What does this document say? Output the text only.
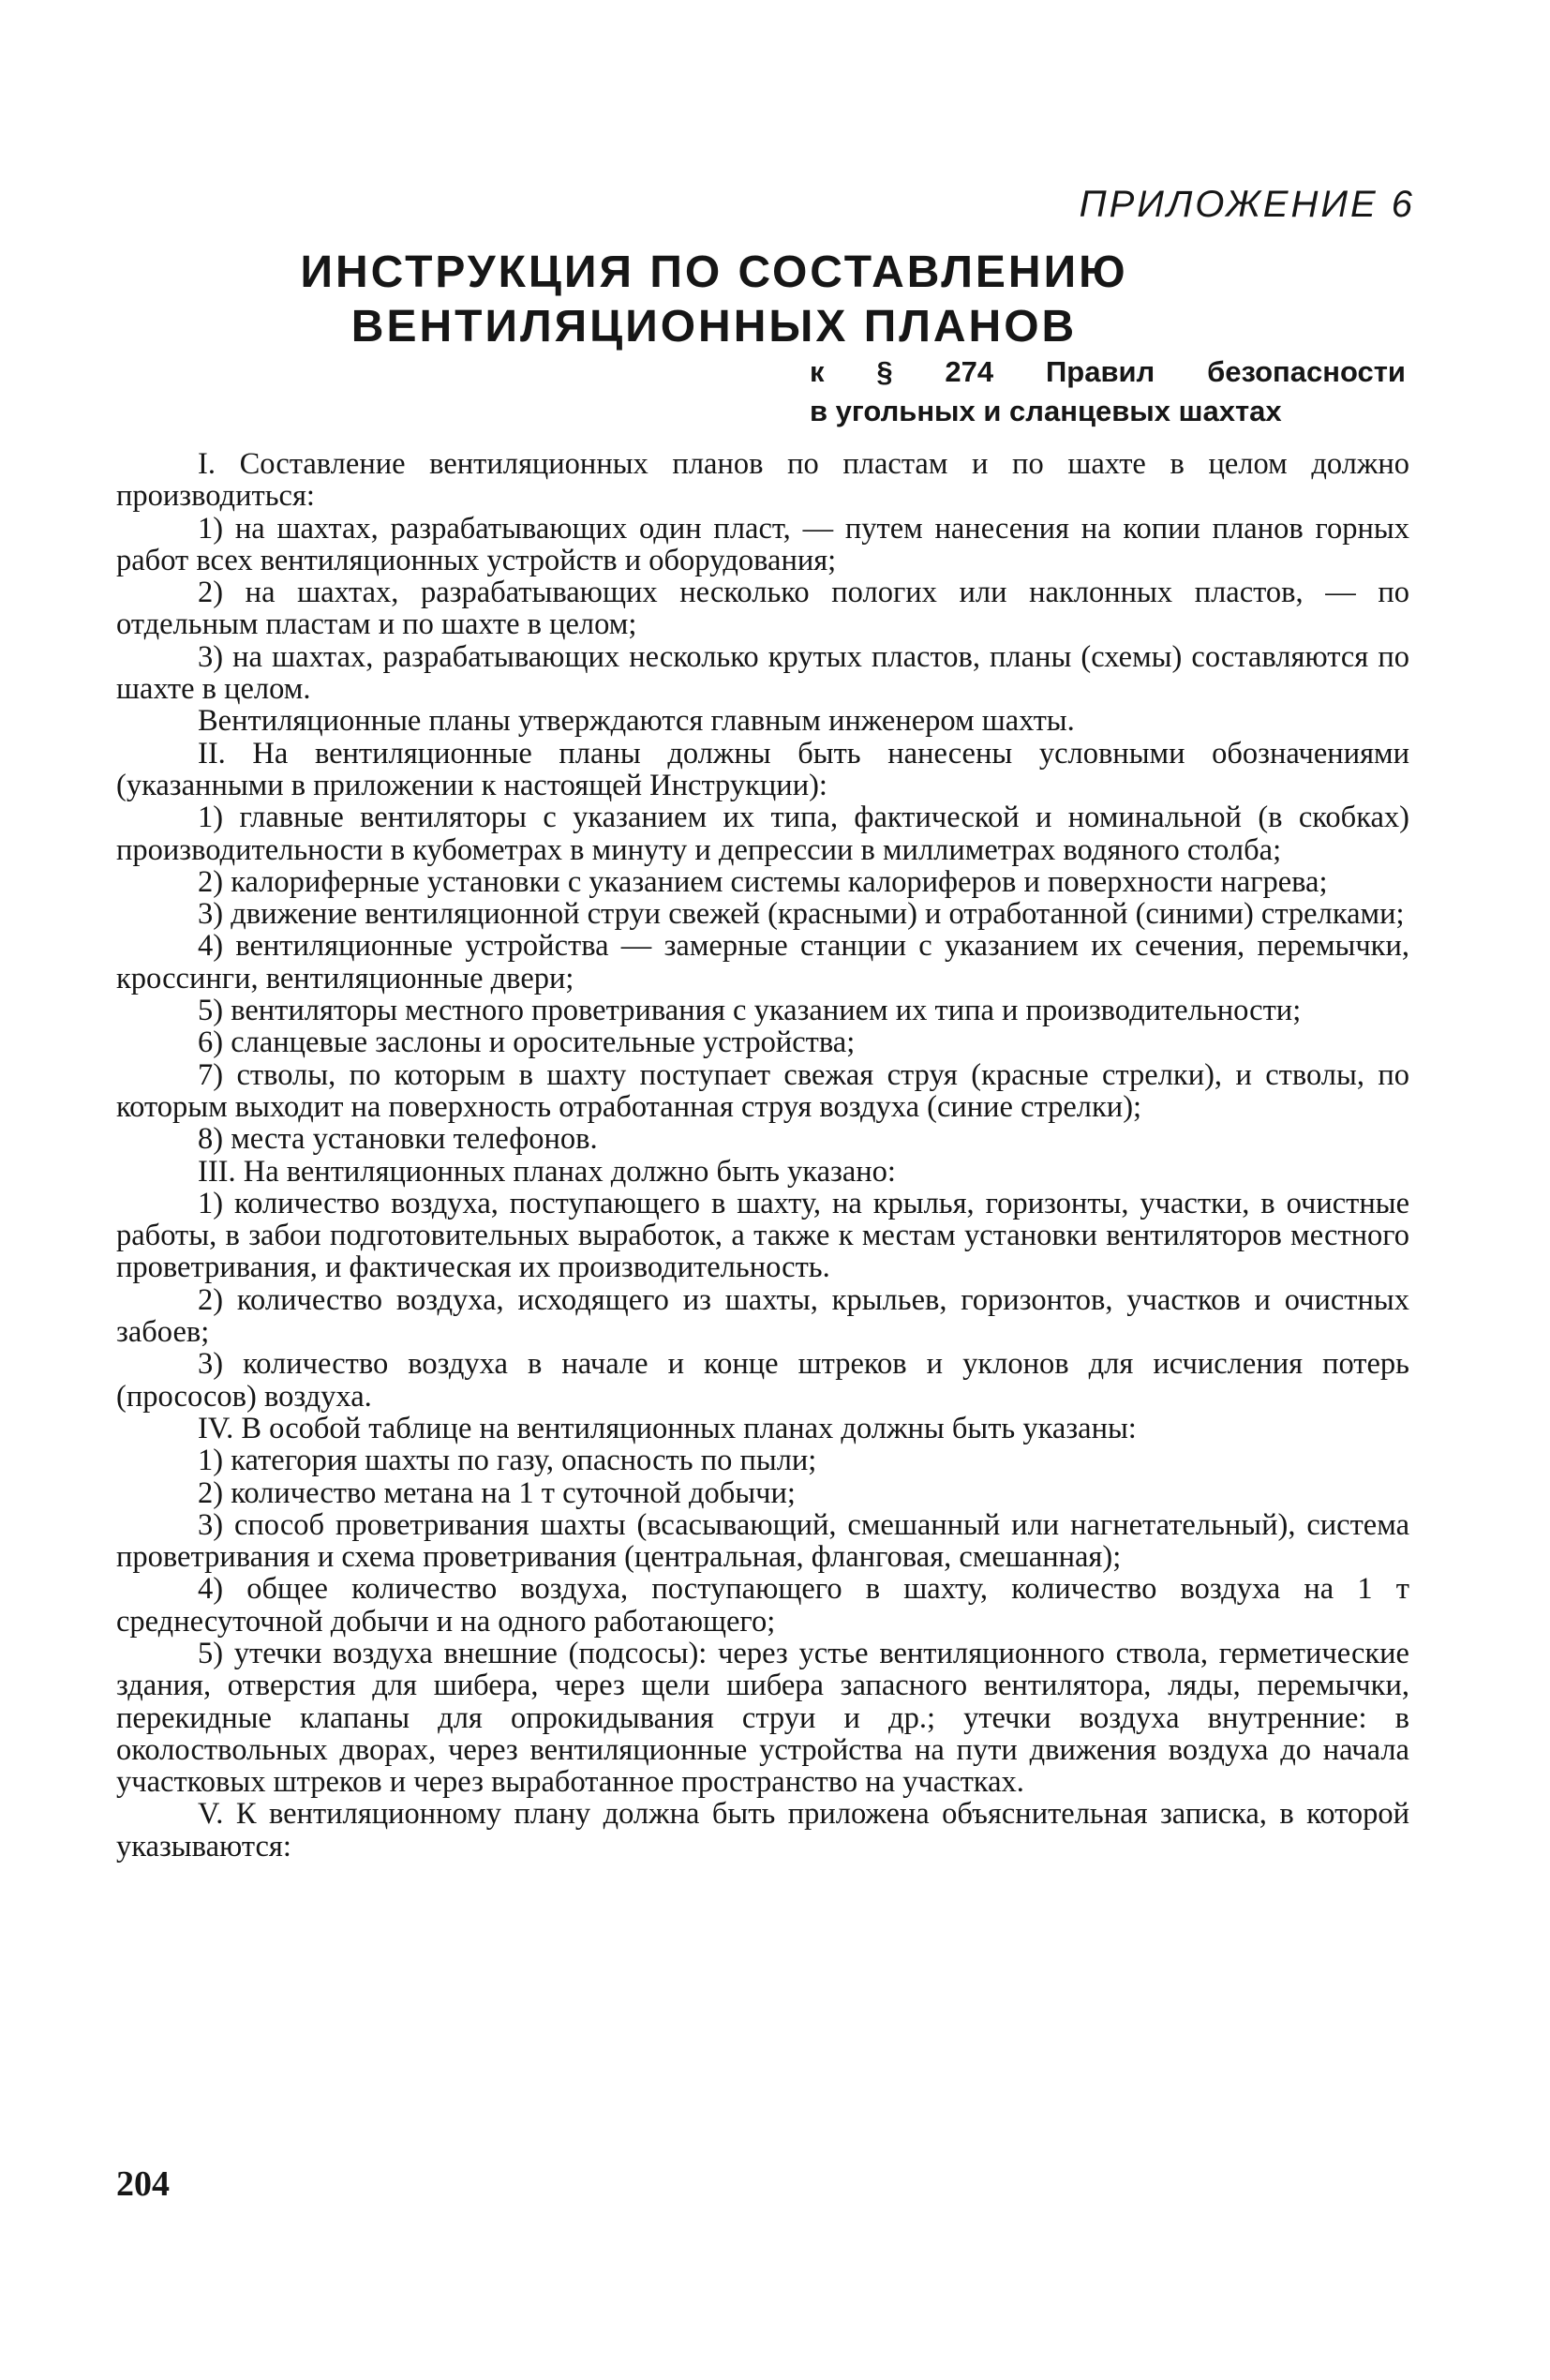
ПРИЛОЖЕНИЕ 6
ИНСТРУКЦИЯ ПО СОСТАВЛЕНИЮ
ВЕНТИЛЯЦИОННЫХ ПЛАНОВ
к § 274 Правил безопасности
в угольных и сланцевых шахтах

I. Составление вентиляционных планов по пластам и по шахте в целом должно производиться:

1) на шахтах, разрабатывающих один пласт, — путем нанесения на копии планов горных работ всех вентиляционных устройств и оборудования;

2) на шахтах, разрабатывающих несколько пологих или наклонных пластов, — по отдельным пластам и по шахте в целом;

3) на шахтах, разрабатывающих несколько крутых пластов, планы (схемы) составляются по шахте в целом.

Вентиляционные планы утверждаются главным инженером шахты.

II. На вентиляционные планы должны быть нанесены условными обозначениями (указанными в приложении к настоящей Инструкции):

1) главные вентиляторы с указанием их типа, фактической и номинальной (в скобках) производительности в кубометрах в минуту и депрессии в миллиметрах водяного столба;

2) калориферные установки с указанием системы калориферов и поверхности нагрева;

3) движение вентиляционной струи свежей (красными) и отработанной (синими) стрелками;

4) вентиляционные устройства — замерные станции с указанием их сечения, перемычки, кроссинги, вентиляционные двери;

5) вентиляторы местного проветривания с указанием их типа и производительности;

6) сланцевые заслоны и оросительные устройства;

7) стволы, по которым в шахту поступает свежая струя (красные стрелки), и стволы, по которым выходит на поверхность отработанная струя воздуха (синие стрелки);

8) места установки телефонов.

III. На вентиляционных планах должно быть указано:

1) количество воздуха, поступающего в шахту, на крылья, горизонты, участки, в очистные работы, в забои подготовительных выработок, а также к местам установки вентиляторов местного проветривания, и фактическая их производительность.

2) количество воздуха, исходящего из шахты, крыльев, горизонтов, участков и очистных забоев;

3) количество воздуха в начале и конце штреков и уклонов для исчисления потерь (прососов) воздуха.

IV. В особой таблице на вентиляционных планах должны быть указаны:

1) категория шахты по газу, опасность по пыли;

2) количество метана на 1 т суточной добычи;

3) способ проветривания шахты (всасывающий, смешанный или нагнетательный), система проветривания и схема проветривания (центральная, фланговая, смешанная);

4) общее количество воздуха, поступающего в шахту, количество воздуха на 1 т среднесуточной добычи и на одного работающего;

5) утечки воздуха внешние (подсосы): через устье вентиляционного ствола, герметические здания, отверстия для шибера, через щели шибера запасного вентилятора, ляды, перемычки, перекидные клапаны для опрокидывания струи и др.; утечки воздуха внутренние: в околоствольных дворах, через вентиляционные устройства на пути движения воздуха до начала участковых штреков и через выработанное пространство на участках.

V. К вентиляционному плану должна быть приложена объяснительная записка, в которой указываются:

204
